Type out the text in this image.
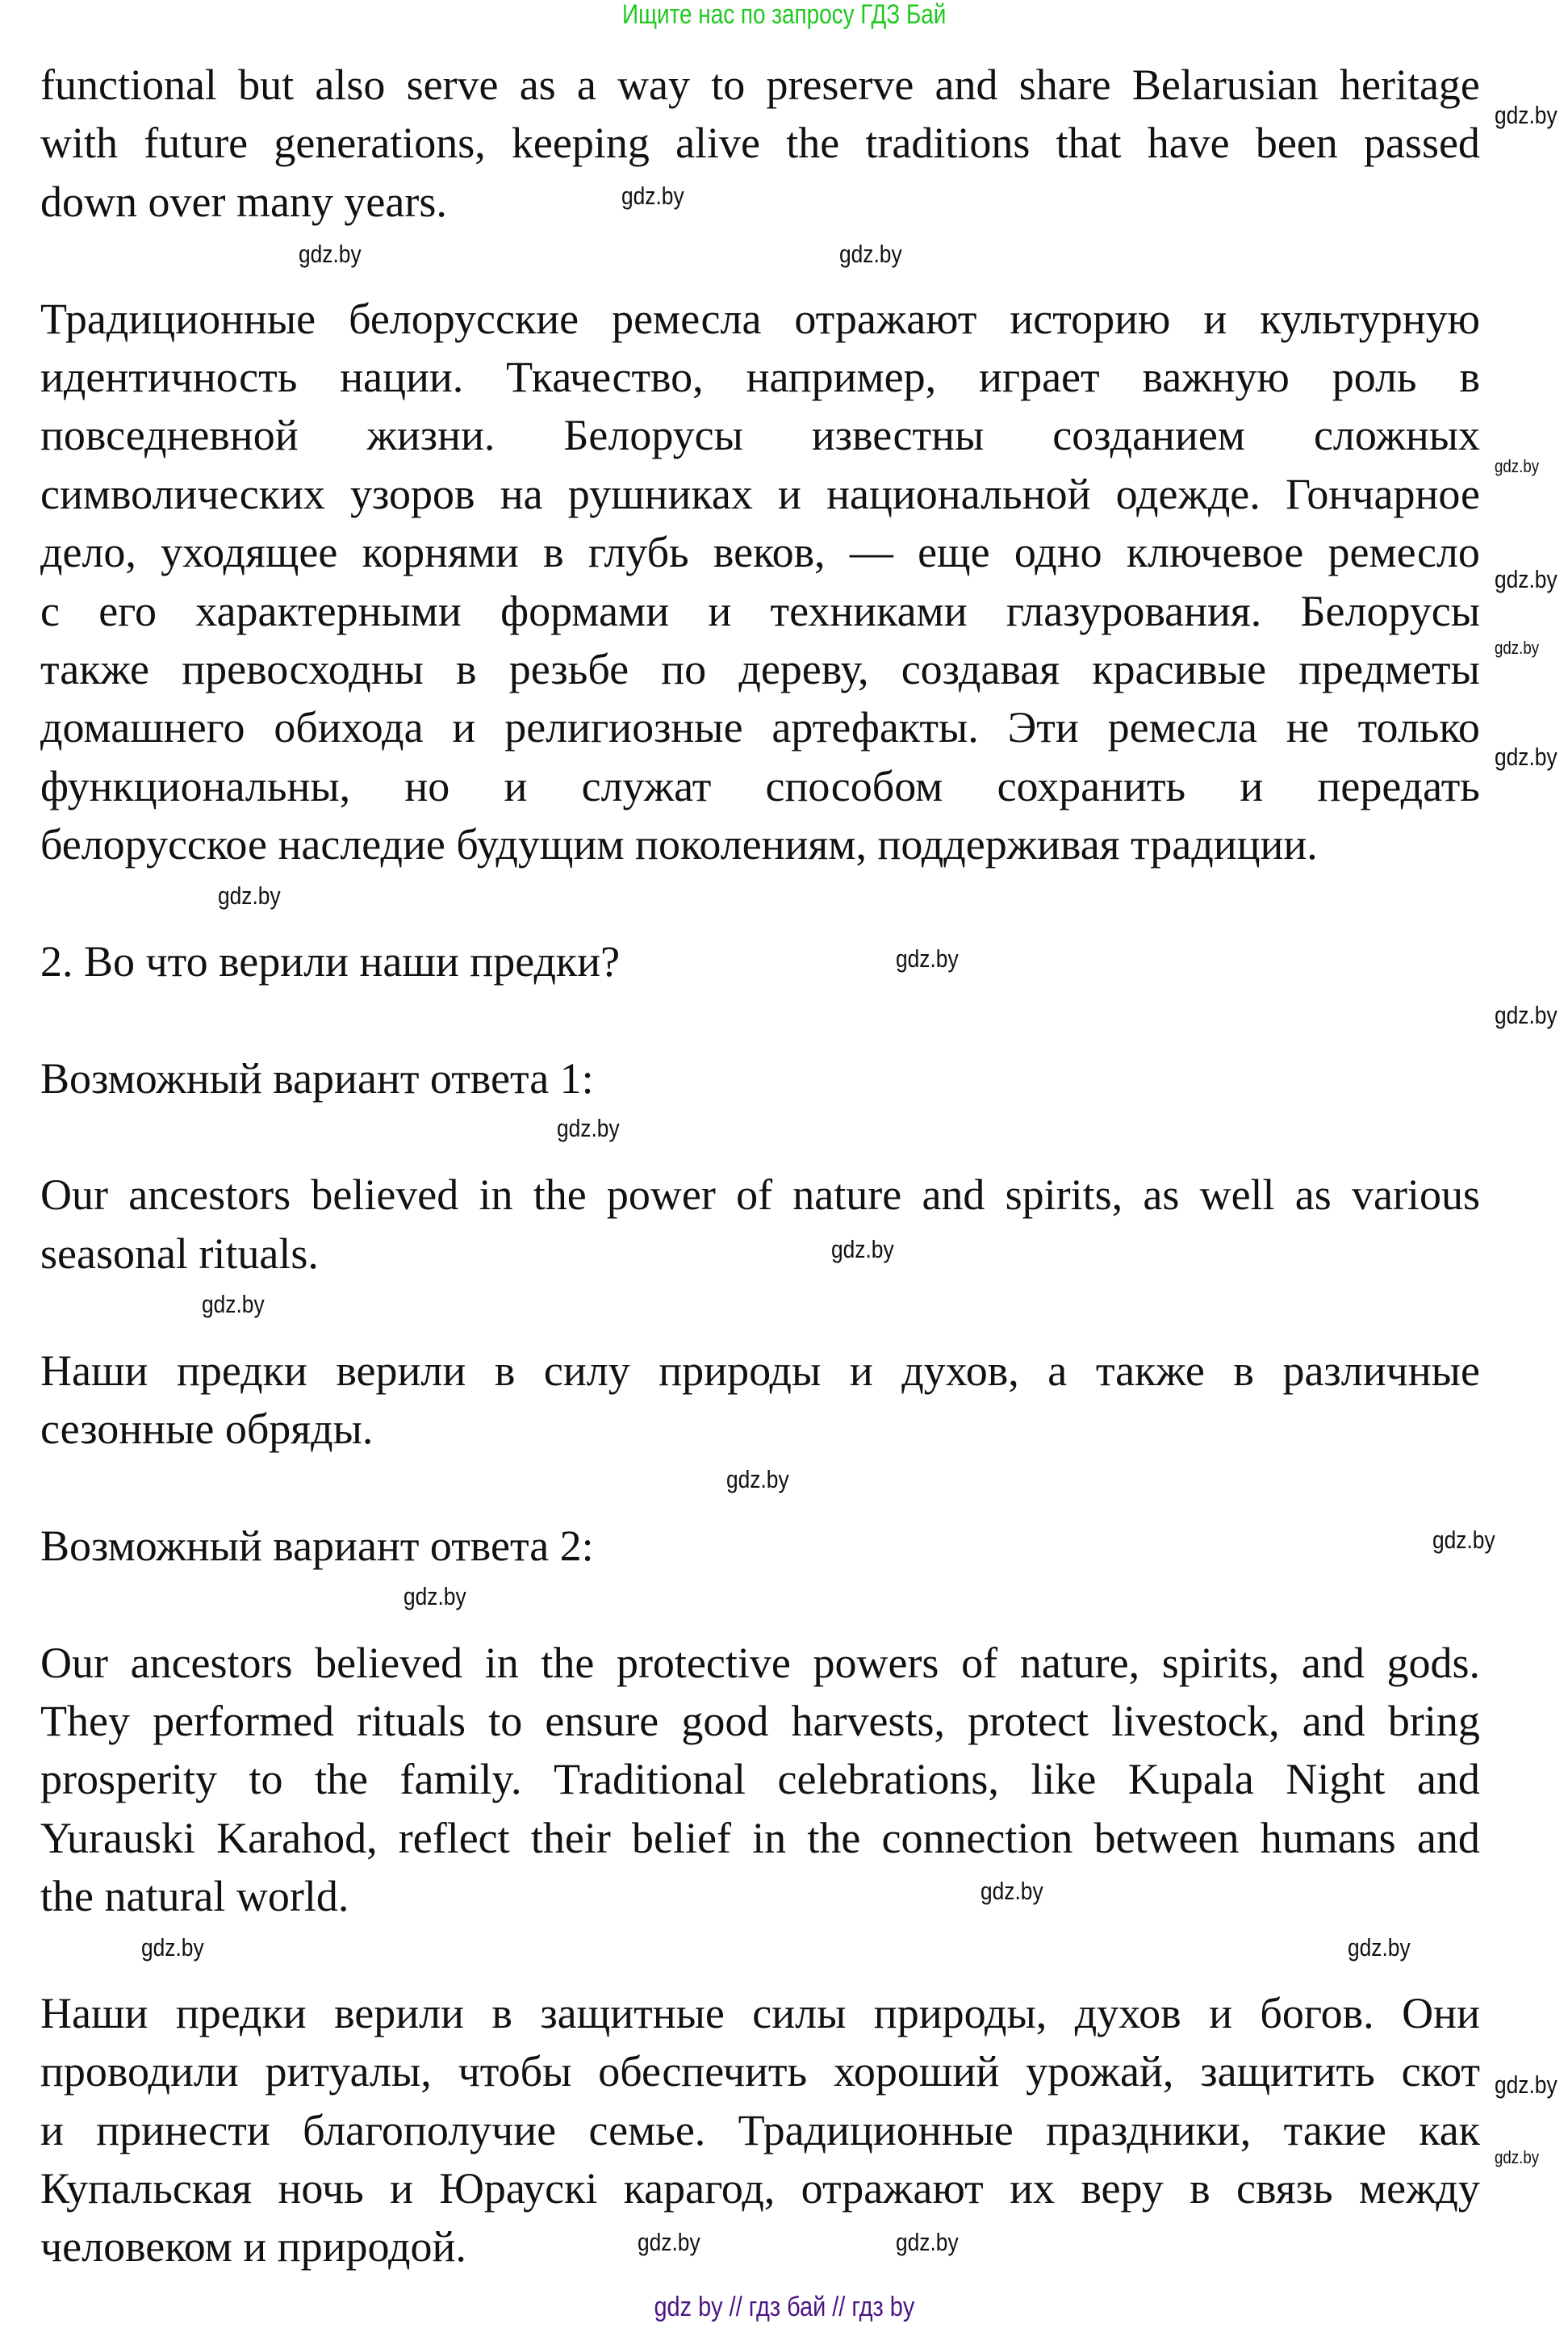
Ищите нас по запросу ГДЗ Бай
functional but also serve as a way to preserve and share Belarusian heritage
with future generations, keeping alive the traditions that have been passed
down over many years.
Традиционные белорусские ремесла отражают историю и культурную
идентичность нации. Ткачество, например, играет важную роль в
повседневной жизни. Белорусы известны созданием сложных
символических узоров на рушниках и национальной одежде. Гончарное
дело, уходящее корнями в глубь веков, — еще одно ключевое ремесло
с его характерными формами и техниками глазурования. Белорусы
также превосходны в резьбе по дереву, создавая красивые предметы
домашнего обихода и религиозные артефакты. Эти ремесла не только
функциональны, но и служат способом сохранить и передать
белорусское наследие будущим поколениям, поддерживая традиции.
2. Во что верили наши предки?
Возможный вариант ответа 1:
Our ancestors believed in the power of nature and spirits, as well as various
seasonal rituals.
Наши предки верили в силу природы и духов, а также в различные
сезонные обряды.
Возможный вариант ответа 2:
Our ancestors believed in the protective powers of nature, spirits, and gods.
They performed rituals to ensure good harvests, protect livestock, and bring
prosperity to the family. Traditional celebrations, like Kupala Night and
Yurauski Karahod, reflect their belief in the connection between humans and
the natural world.
Наши предки верили в защитные силы природы, духов и богов. Они
проводили ритуалы, чтобы обеспечить хороший урожай, защитить скот
и принести благополучие семье. Традиционные праздники, такие как
Купальская ночь и Юраускі карагод, отражают их веру в связь между
человеком и природой.
gdz.by
gdz.by
gdz.by
gdz.by
gdz.by
gdz.by
gdz.by
gdz.by
gdz.by
gdz.by
gdz.by
gdz.by
gdz.by
gdz.by
gdz.by
gdz.by
gdz.by
gdz.by
gdz.by	gdz.by
gdz.by
gdz.by
gdz.by	gdz.by
gdz by // гдз бай // гдз by
